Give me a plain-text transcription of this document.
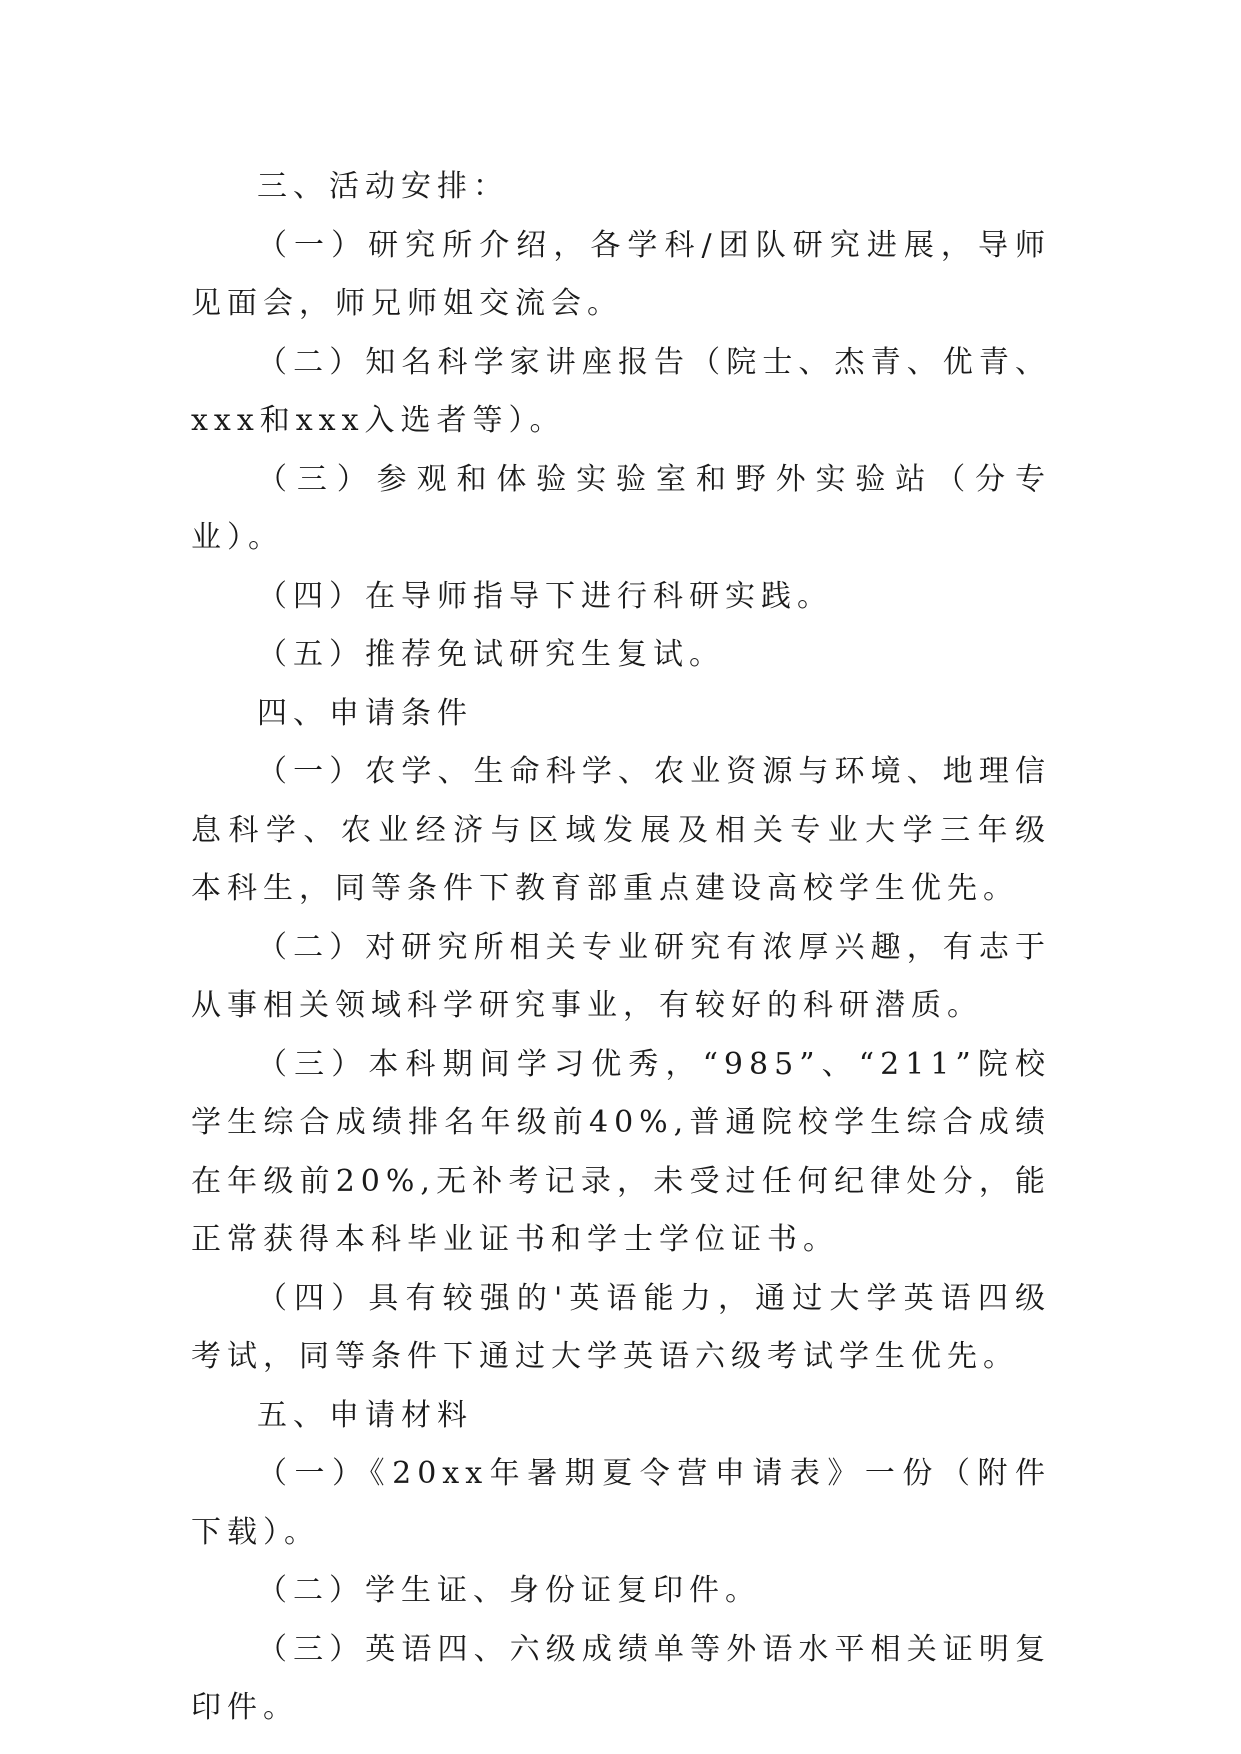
三、活动安排：

（一）研究所介绍，各学科/团队研究进展，导师见面会，师兄师姐交流会。

（二）知名科学家讲座报告（院士、杰青、优青、xxx和xxx入选者等）。

（三）参观和体验实验室和野外实验站（分专业）。

（四）在导师指导下进行科研实践。

（五）推荐免试研究生复试。

四、申请条件

（一）农学、生命科学、农业资源与环境、地理信息科学、农业经济与区域发展及相关专业大学三年级本科生，同等条件下教育部重点建设高校学生优先。

（二）对研究所相关专业研究有浓厚兴趣，有志于从事相关领域科学研究事业，有较好的科研潜质。

（三）本科期间学习优秀，“985”、“211”院校学生综合成绩排名年级前40%,普通院校学生综合成绩在年级前20%,无补考记录，未受过任何纪律处分，能正常获得本科毕业证书和学士学位证书。

（四）具有较强的'英语能力，通过大学英语四级考试，同等条件下通过大学英语六级考试学生优先。

五、申请材料

（一）《20xx年暑期夏令营申请表》一份（附件下载）。

（二）学生证、身份证复印件。

（三）英语四、六级成绩单等外语水平相关证明复印件。
